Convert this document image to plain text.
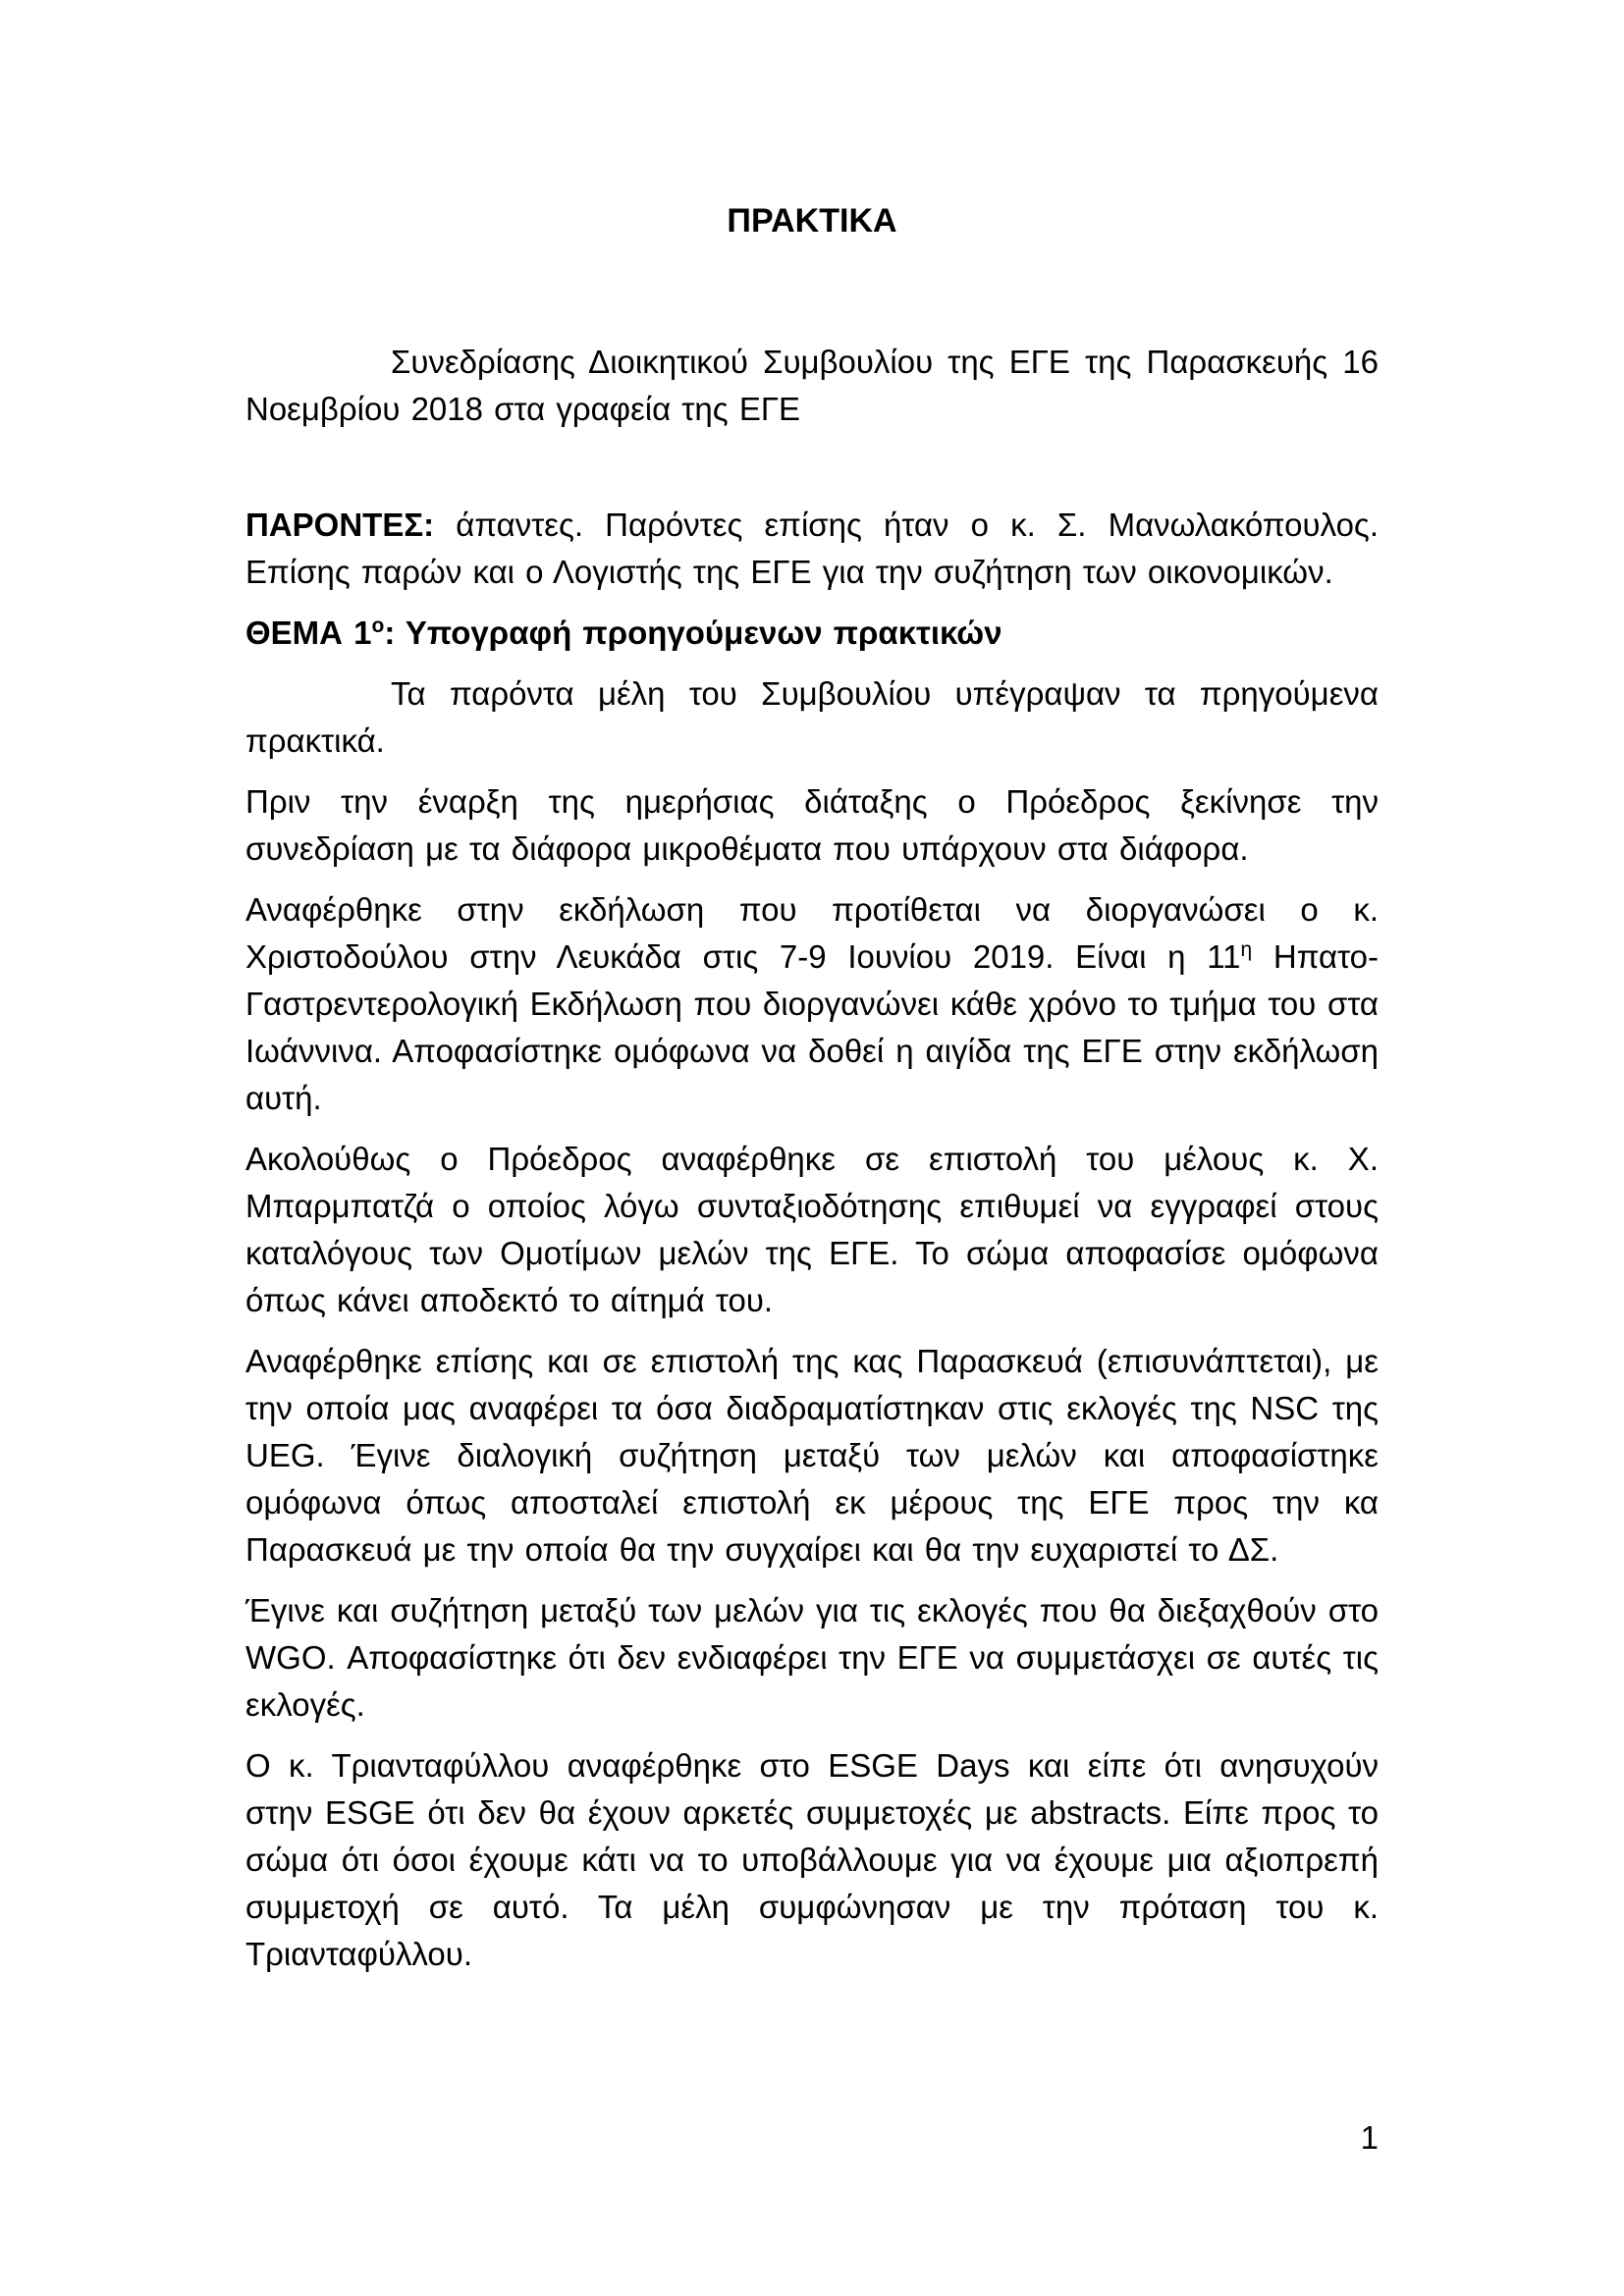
ΠΡΑΚΤΙΚΑ

Συνεδρίασης Διοικητικού Συμβουλίου της ΕΓΕ της Παρασκευής 16 Νοεμβρίου 2018 στα γραφεία της ΕΓΕ

ΠΑΡΟΝΤΕΣ: άπαντες. Παρόντες επίσης ήταν ο κ. Σ. Μανωλακόπουλος. Επίσης παρών και ο Λογιστής της ΕΓΕ για την συζήτηση των οικονομικών.

ΘΕΜΑ $1^o$: Υπογραφή προηγούμενων πρακτικών

Τα παρόντα μέλη του Συμβουλίου υπέγραψαν τα πρηγούμενα πρακτικά.

Πριν την έναρξη της ημερήσιας διάταξης ο Πρόεδρος ξεκίνησε την συνεδρίαση με τα διάφορα μικροθέματα που υπάρχουν στα διάφορα.

Αναφέρθηκε στην εκδήλωση που προτίθεται να διοργανώσει ο κ. Χριστοδούλου στην Λευκάδα στις 7-9 Ιουνίου 2019. Είναι η $11^\eta$ Ηπατο-Γαστρεντερολογική Εκδήλωση που διοργανώνει κάθε χρόνο το τμήμα του στα Ιωάννινα. Αποφασίστηκε ομόφωνα να δοθεί η αιγίδα της ΕΓΕ στην εκδήλωση αυτή.

Ακολούθως ο Πρόεδρος αναφέρθηκε σε επιστολή του μέλους κ. Χ. Μπαρμπατζά ο οποίος λόγω συνταξιοδότησης επιθυμεί να εγγραφεί στους καταλόγους των Ομοτίμων μελών της ΕΓΕ. Το σώμα αποφασίσε ομόφωνα όπως κάνει αποδεκτό το αίτημά του.

Αναφέρθηκε επίσης και σε επιστολή της κας Παρασκευά (επισυνάπτεται), με την οποία μας αναφέρει τα όσα διαδραματίστηκαν στις εκλογές της NSC της UEG. Έγινε διαλογική συζήτηση μεταξύ των μελών και αποφασίστηκε ομόφωνα όπως αποσταλεί επιστολή εκ μέρους της ΕΓΕ προς την κα Παρασκευά με την οποία θα την συγχαίρει και θα την ευχαριστεί το ΔΣ.

Έγινε και συζήτηση μεταξύ των μελών για τις εκλογές που θα διεξαχθούν στο WGO. Αποφασίστηκε ότι δεν ενδιαφέρει την ΕΓΕ να συμμετάσχει σε αυτές τις εκλογές.

Ο κ. Τριανταφύλλου αναφέρθηκε στο ESGE Days και είπε ότι ανησυχούν στην ESGE ότι δεν θα έχουν αρκετές συμμετοχές με abstracts. Είπε προς το σώμα ότι όσοι έχουμε κάτι να το υποβάλλουμε για να έχουμε μια αξιοπρεπή συμμετοχή σε αυτό. Τα μέλη συμφώνησαν με την πρόταση του κ. Τριανταφύλλου.

1
